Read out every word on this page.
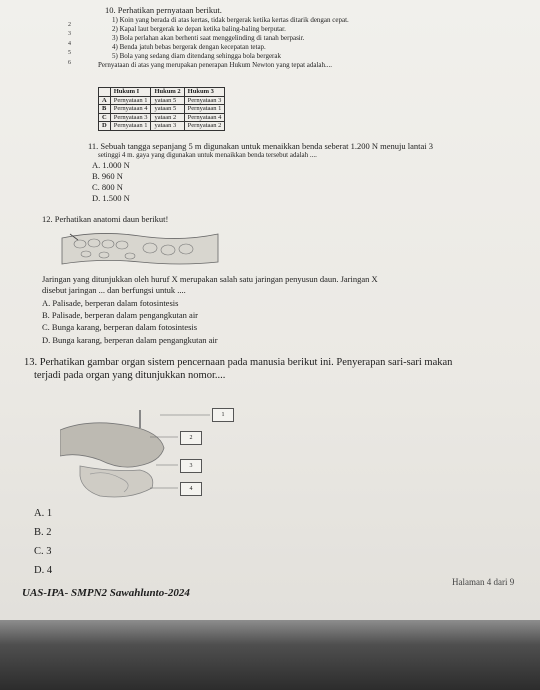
10. Perhatikan pernyataan berikut.
1) Koin yang berada di atas kertas, tidak bergerak ketika kertas ditarik dengan cepat.
2) Kapal laut bergerak ke depan ketika baling-baling berputar.
3) Bola perlahan akan berhenti saat menggelinding di tanah berpasir.
4) Benda jatuh bebas bergerak dengan kecepatan tetap.
5) Bola yang sedang diam ditendang sehingga bola bergerak
Pernyataan di atas yang merupakan penerapan Hukum Newton yang tepat adalah....
2
3
4
5
6
	Hukum I	Hukum 2	Hukum 3
A	Pernyataan 1	yataan 5	Pernyataan 3
B	Pernyataan 4	yataan 5	Pernyataan 1
C	Pernyataan 3	yataan 2	Pernyataan 4
D	Pernyataan 1	yataan 3	Pernyataan 2
11. Sebuah tangga sepanjang 5 m digunakan untuk menaikkan benda seberat 1.200 N menuju lantai 3
setinggi 4 m. gaya yang digunakan untuk menaikkan benda tersebut adalah ....
A. 1.000 N
B. 960 N
C. 800 N
D. 1.500 N
12. Perhatikan anatomi daun berikut!
Jaringan yang ditunjukkan oleh huruf X merupakan salah satu jaringan penyusun daun. Jaringan X
disebut jaringan ... dan berfungsi untuk ....
A. Palisade, berperan dalam fotosintesis
B. Palisade, berperan dalam pengangkutan air
C. Bunga karang, berperan dalam fotosintesis
D. Bunga karang, berperan dalam pengangkutan air
13. Perhatikan gambar organ sistem pencernaan pada manusia berikut ini. Penyerapan sari-sari makan
terjadi pada organ yang ditunjukkan nomor....
1
2
3
4
A. 1
B. 2
C. 3
D. 4
UAS-IPA- SMPN2 Sawahlunto-2024
Halaman 4 dari 9
